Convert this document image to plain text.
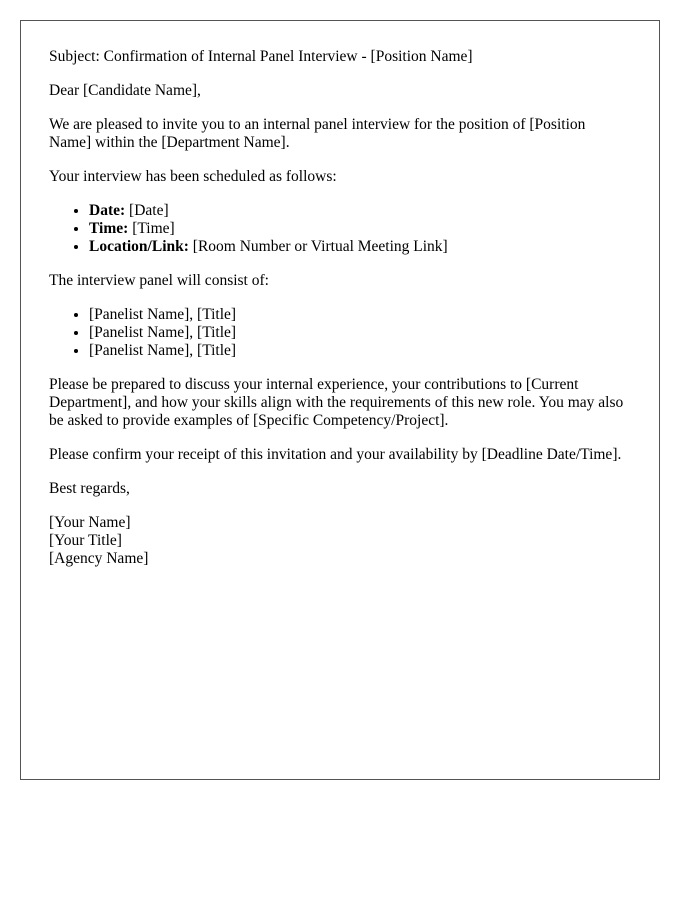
Subject: Confirmation of Internal Panel Interview - [Position Name]

Dear [Candidate Name],

We are pleased to invite you to an internal panel interview for the position of [Position Name] within the [Department Name].

Your interview has been scheduled as follows:

• Date: [Date]
• Time: [Time]
• Location/Link: [Room Number or Virtual Meeting Link]

The interview panel will consist of:

• [Panelist Name], [Title]
• [Panelist Name], [Title]
• [Panelist Name], [Title]

Please be prepared to discuss your internal experience, your contributions to [Current Department], and how your skills align with the requirements of this new role. You may also be asked to provide examples of [Specific Competency/Project].

Please confirm your receipt of this invitation and your availability by [Deadline Date/Time].

Best regards,

[Your Name]

[Your Title]

[Agency Name]
